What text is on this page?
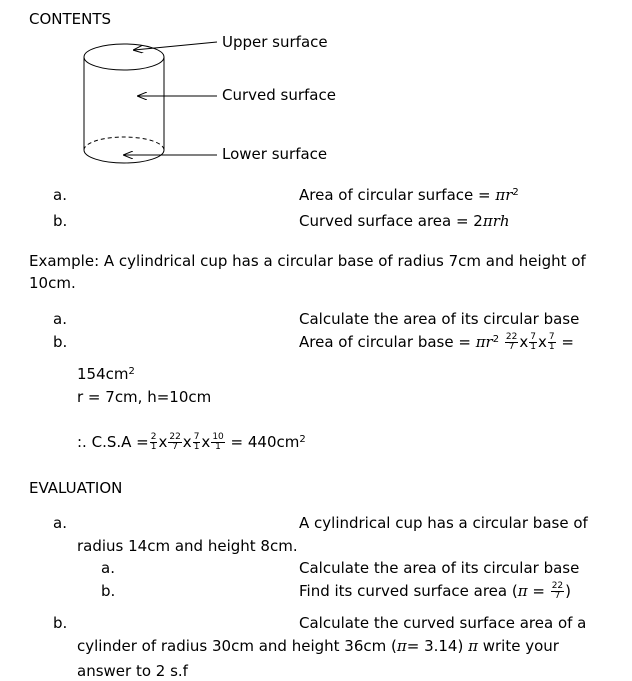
CONTENTS
Upper surface
Curved surface
Lower surface
a.	Area of circular surface = $\pi r^2$
b.	Curved surface area = 2πrh
Example: A cylindrical cup has a circular base of radius 7cm and height of
10cm.
a.	Calculate the area of its circular base
b.	Area of circular base = $\pi r^2 \frac{22}{7}$ x $\frac{7}{1}$ x $\frac{7}{1}$ =
$154cm^2$
r = 7cm, h=10cm
:. $C.S.A = \frac{2}{1}$ x $\frac{22}{7}$ x $\frac{7}{1}$ x $\frac{10}{1} = 440cm^2$
EVALUATION
a.	A cylindrical cup has a circular base of
radius 14cm and height 8cm.
a.	Calculate the area of its circular base
b.	Find its curved surface area ($\pi = \frac{22}{7}$ )
b.	Calculate the curved surface area of a
cylinder of radius 30cm and height 36cm (π= 3.14) π write your
answer to 2 s.f
